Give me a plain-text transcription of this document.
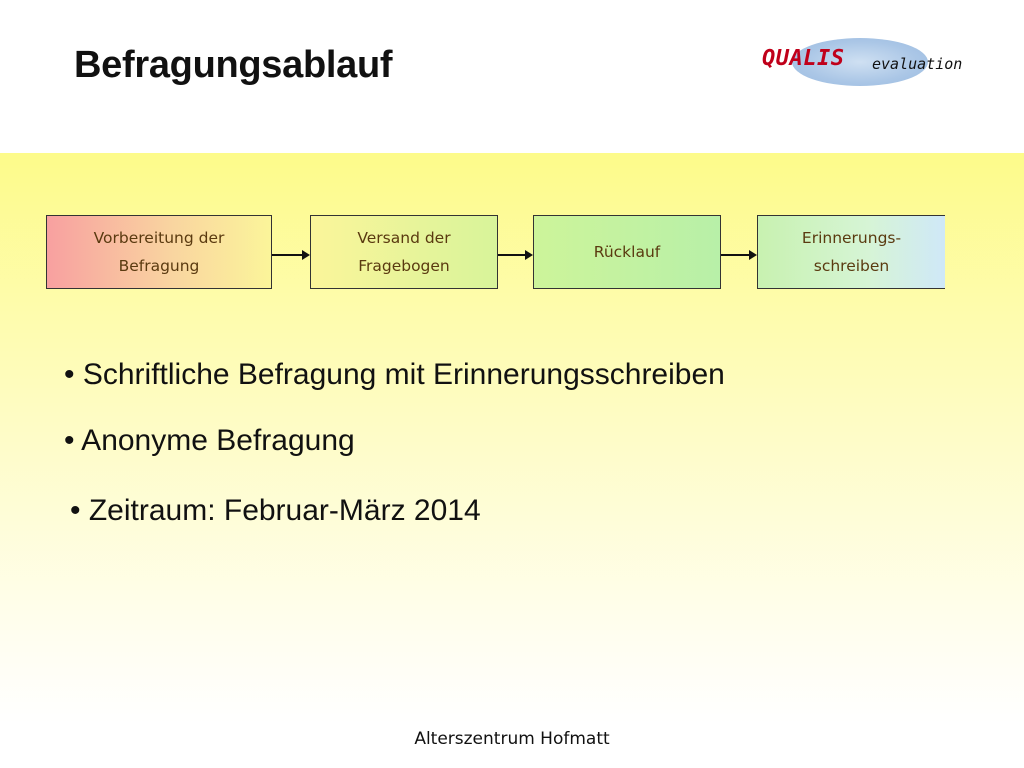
Befragungsablauf	QUALIS evaluation
Vorbereitung der
Befragung
Versand der
Fragebogen
Rücklauf
Erinnerungs-
schreiben
• Schriftliche Befragung mit Erinnerungsschreiben
• Anonyme Befragung
• Zeitraum: Februar-März 2014
Alterszentrum Hofmatt
